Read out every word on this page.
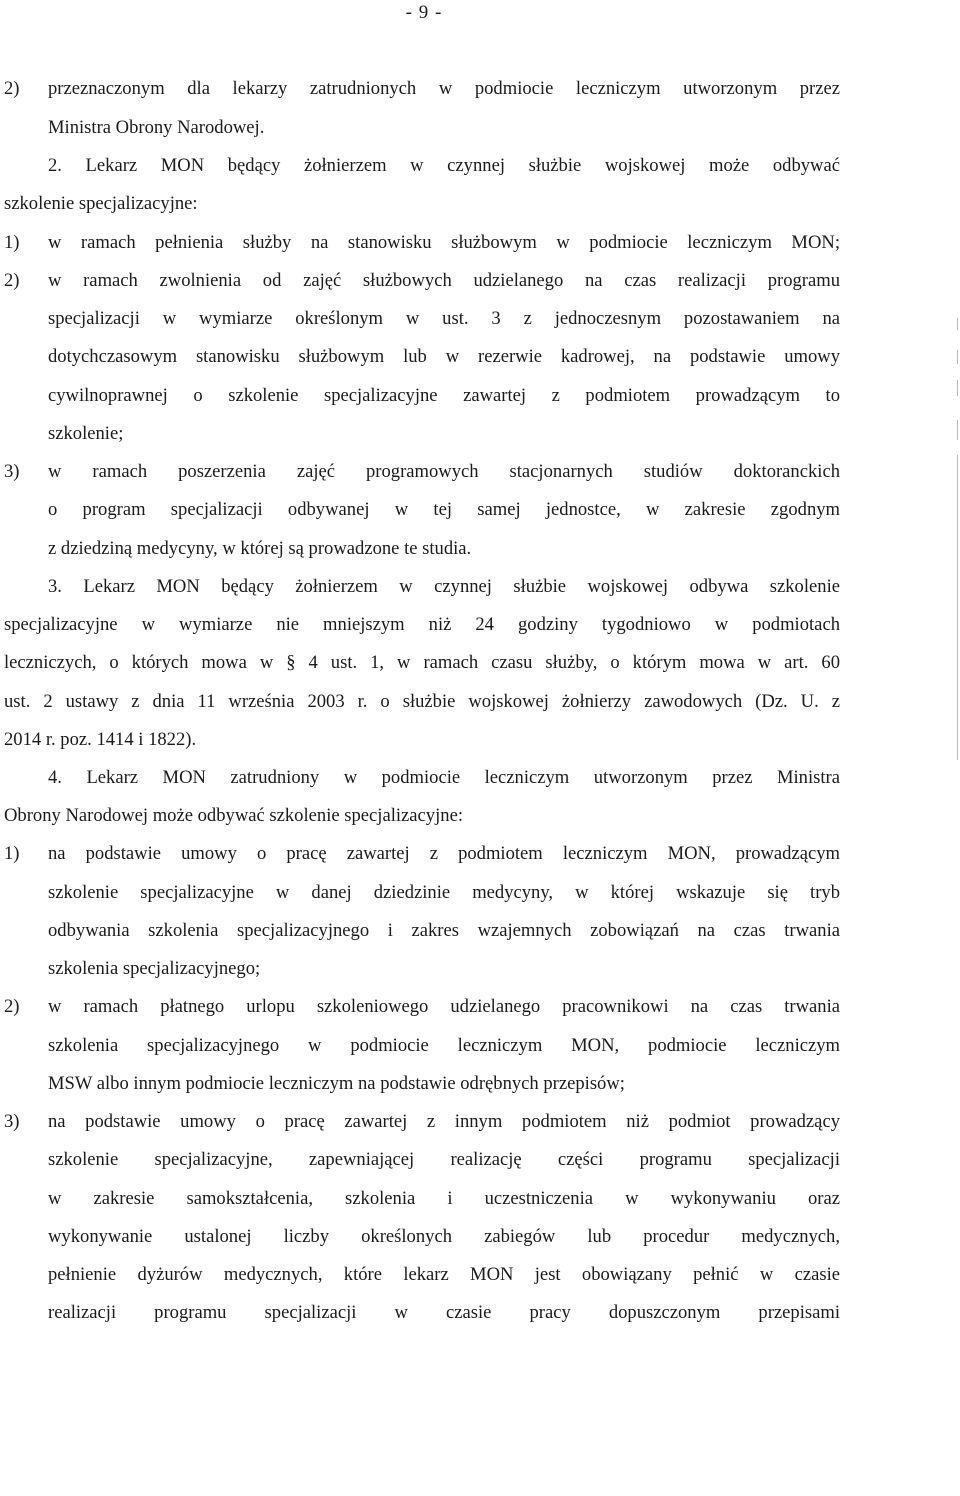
- 9 -
2)
1)
2)
3)
1)
2)
3)
przeznaczonym dla lekarzy zatrudnionych w podmiocie leczniczym utworzonym przez
Ministra Obrony Narodowej.
2. Lekarz MON będący żołnierzem w czynnej służbie wojskowej może odbywać
szkolenie specjalizacyjne:
w ramach pełnienia służby na stanowisku służbowym w podmiocie leczniczym MON;
w ramach zwolnienia od zajęć służbowych udzielanego na czas realizacji programu
specjalizacji w wymiarze określonym w ust. 3 z jednoczesnym pozostawaniem na
dotychczasowym stanowisku służbowym lub w rezerwie kadrowej, na podstawie umowy
cywilnoprawnej o szkolenie specjalizacyjne zawartej z podmiotem prowadzącym to
szkolenie;
w ramach poszerzenia zajęć programowych stacjonarnych studiów doktoranckich
o program specjalizacji odbywanej w tej samej jednostce, w zakresie zgodnym
z dziedziną medycyny, w której są prowadzone te studia.
3. Lekarz MON będący żołnierzem w czynnej służbie wojskowej odbywa szkolenie
specjalizacyjne w wymiarze nie mniejszym niż 24 godziny tygodniowo w podmiotach
leczniczych, o których mowa w § 4 ust. 1, w ramach czasu służby, o którym mowa w art. 60
ust. 2 ustawy z dnia 11 września 2003 r. o służbie wojskowej żołnierzy zawodowych (Dz. U. z
2014 r. poz. 1414 i 1822).
4. Lekarz MON zatrudniony w podmiocie leczniczym utworzonym przez Ministra
Obrony Narodowej może odbywać szkolenie specjalizacyjne:
na podstawie umowy o pracę zawartej z podmiotem leczniczym MON, prowadzącym
szkolenie specjalizacyjne w danej dziedzinie medycyny, w której wskazuje się tryb
odbywania szkolenia specjalizacyjnego i zakres wzajemnych zobowiązań na czas trwania
szkolenia specjalizacyjnego;
w ramach płatnego urlopu szkoleniowego udzielanego pracownikowi na czas trwania
szkolenia specjalizacyjnego w podmiocie leczniczym MON, podmiocie leczniczym
MSW albo innym podmiocie leczniczym na podstawie odrębnych przepisów;
na podstawie umowy o pracę zawartej z innym podmiotem niż podmiot prowadzący
szkolenie specjalizacyjne, zapewniającej realizację części programu specjalizacji
w zakresie samokształcenia, szkolenia i uczestniczenia w wykonywaniu oraz
wykonywanie ustalonej liczby określonych zabiegów lub procedur medycznych,
pełnienie dyżurów medycznych, które lekarz MON jest obowiązany pełnić w czasie
realizacji programu specjalizacji w czasie pracy dopuszczonym przepisami
